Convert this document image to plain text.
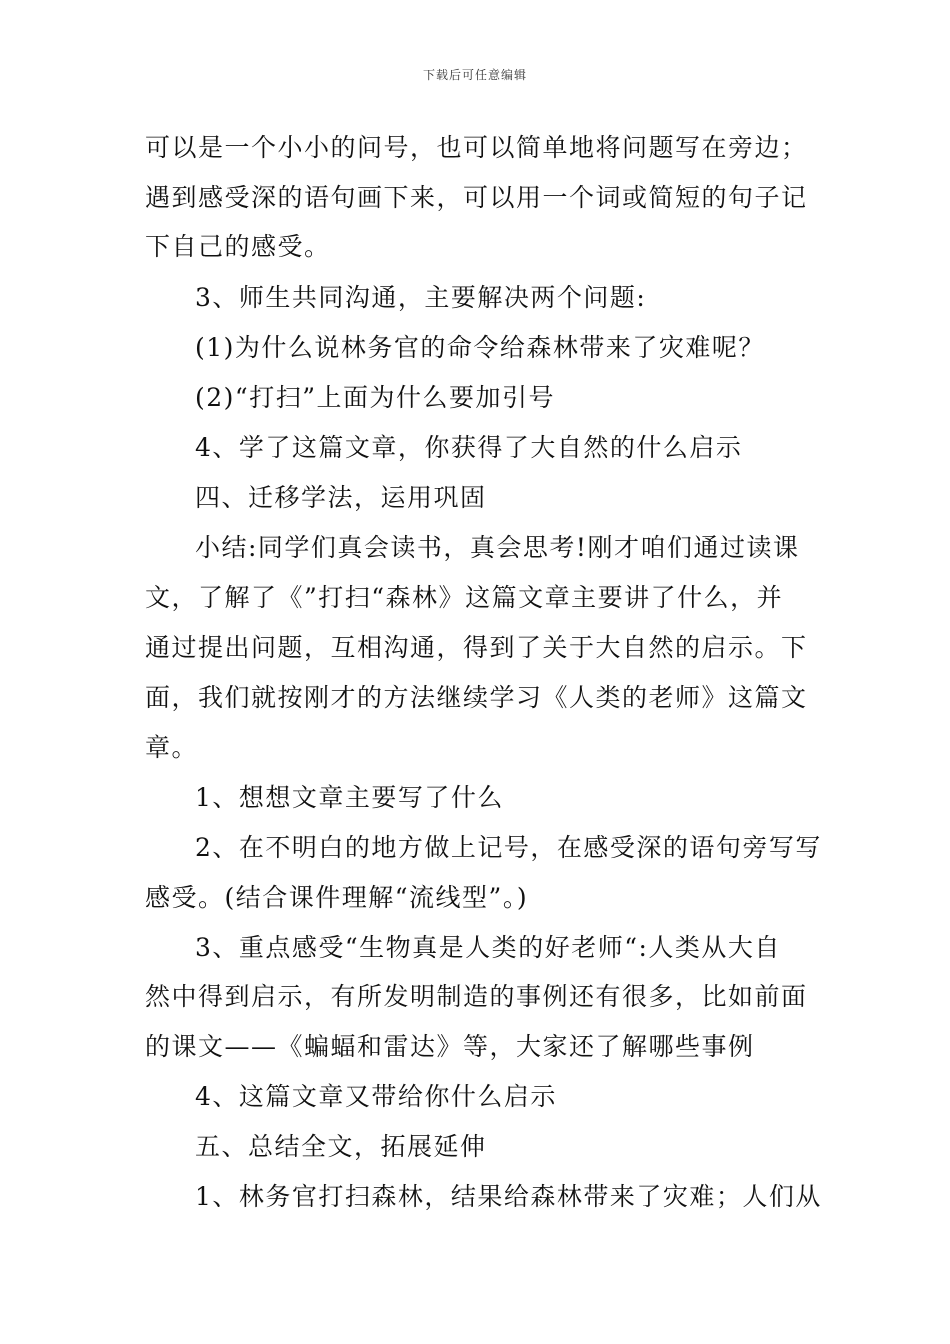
下载后可任意编辑
可以是一个小小的问号，也可以简单地将问题写在旁边；
遇到感受深的语句画下来，可以用一个词或简短的句子记
下自己的感受。
3、师生共同沟通，主要解决两个问题:
(1)为什么说林务官的命令给森林带来了灾难呢？
(2)“打扫”上面为什么要加引号
4、学了这篇文章，你获得了大自然的什么启示
四、迁移学法，运用巩固
小结:同学们真会读书，真会思考!刚才咱们通过读课
文，了解了《”打扫“森林》这篇文章主要讲了什么，并
通过提出问题，互相沟通，得到了关于大自然的启示。下
面，我们就按刚才的方法继续学习《人类的老师》这篇文
章。
1、想想文章主要写了什么
2、在不明白的地方做上记号，在感受深的语句旁写写
感受。(结合课件理解“流线型”。)
3、重点感受“生物真是人类的好老师“:人类从大自
然中得到启示，有所发明制造的事例还有很多，比如前面
的课文——《蝙蝠和雷达》等，大家还了解哪些事例
4、这篇文章又带给你什么启示
五、总结全文，拓展延伸
1、林务官打扫森林，结果给森林带来了灾难；人们从
